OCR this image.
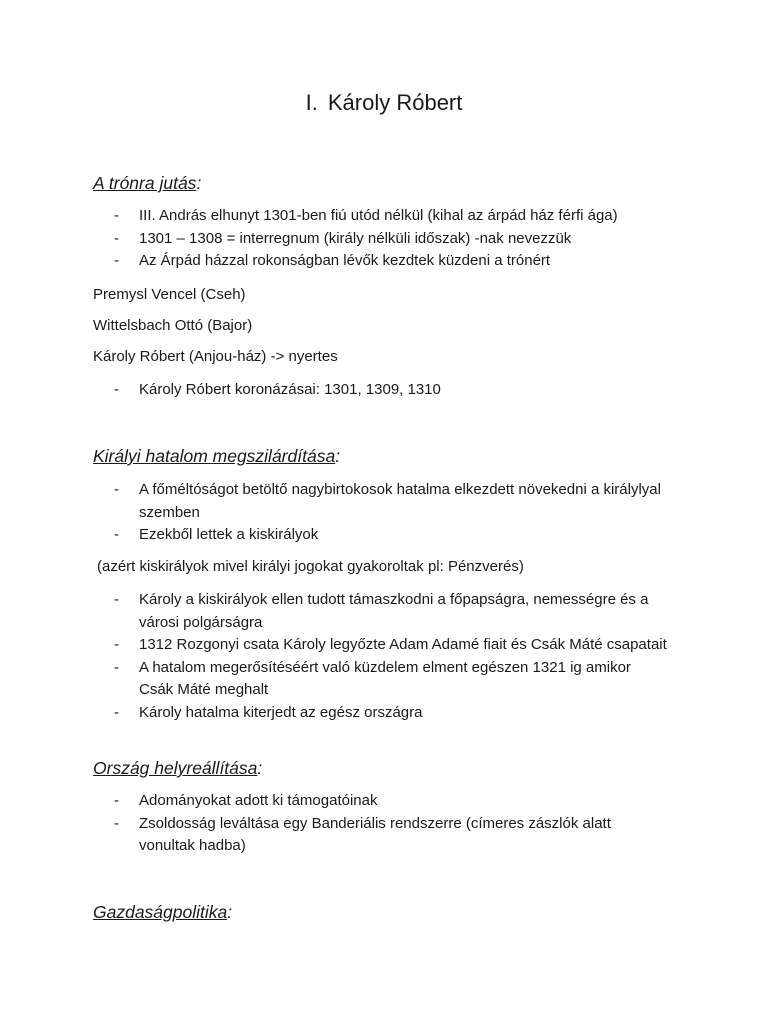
I. Károly Róbert
A trónra jutás:
- III. András elhunyt 1301-ben fiú utód nélkül (kihal az árpád ház férfi ága)
- 1301 – 1308 = interregnum (király nélküli időszak) -nak nevezzük
- Az Árpád házzal rokonságban lévők kezdtek küzdeni a trónért

Premysl Vencel (Cseh)

Wittelsbach Ottó (Bajor)

Károly Róbert (Anjou-ház) -> nyertes

- Károly Róbert koronázásai: 1301, 1309, 1310
Királyi hatalom megszilárdítása:
- A főméltóságot betöltő nagybirtokosok hatalma elkezdett növekedni a királylyal szemben
- Ezekből lettek a kiskirályok

(azért kiskirályok mivel királyi jogokat gyakoroltak pl: Pénzverés)

- Károly a kiskirályok ellen tudott támaszkodni a főpapságra, nemességre és a városi polgárságra
- 1312 Rozgonyi csata Károly legyőzte Adam Adamé fiait és Csák Máté csapatait
- A hatalom megerősítéséért való küzdelem elment egészen 1321 ig amikor Csák Máté meghalt
- Károly hatalma kiterjedt az egész országra
Ország helyreállítása:
- Adományokat adott ki támogatóinak
- Zsoldosság leváltása egy Banderiális rendszerre (címeres zászlók alatt vonultak hadba)
Gazdaságpolitika:
